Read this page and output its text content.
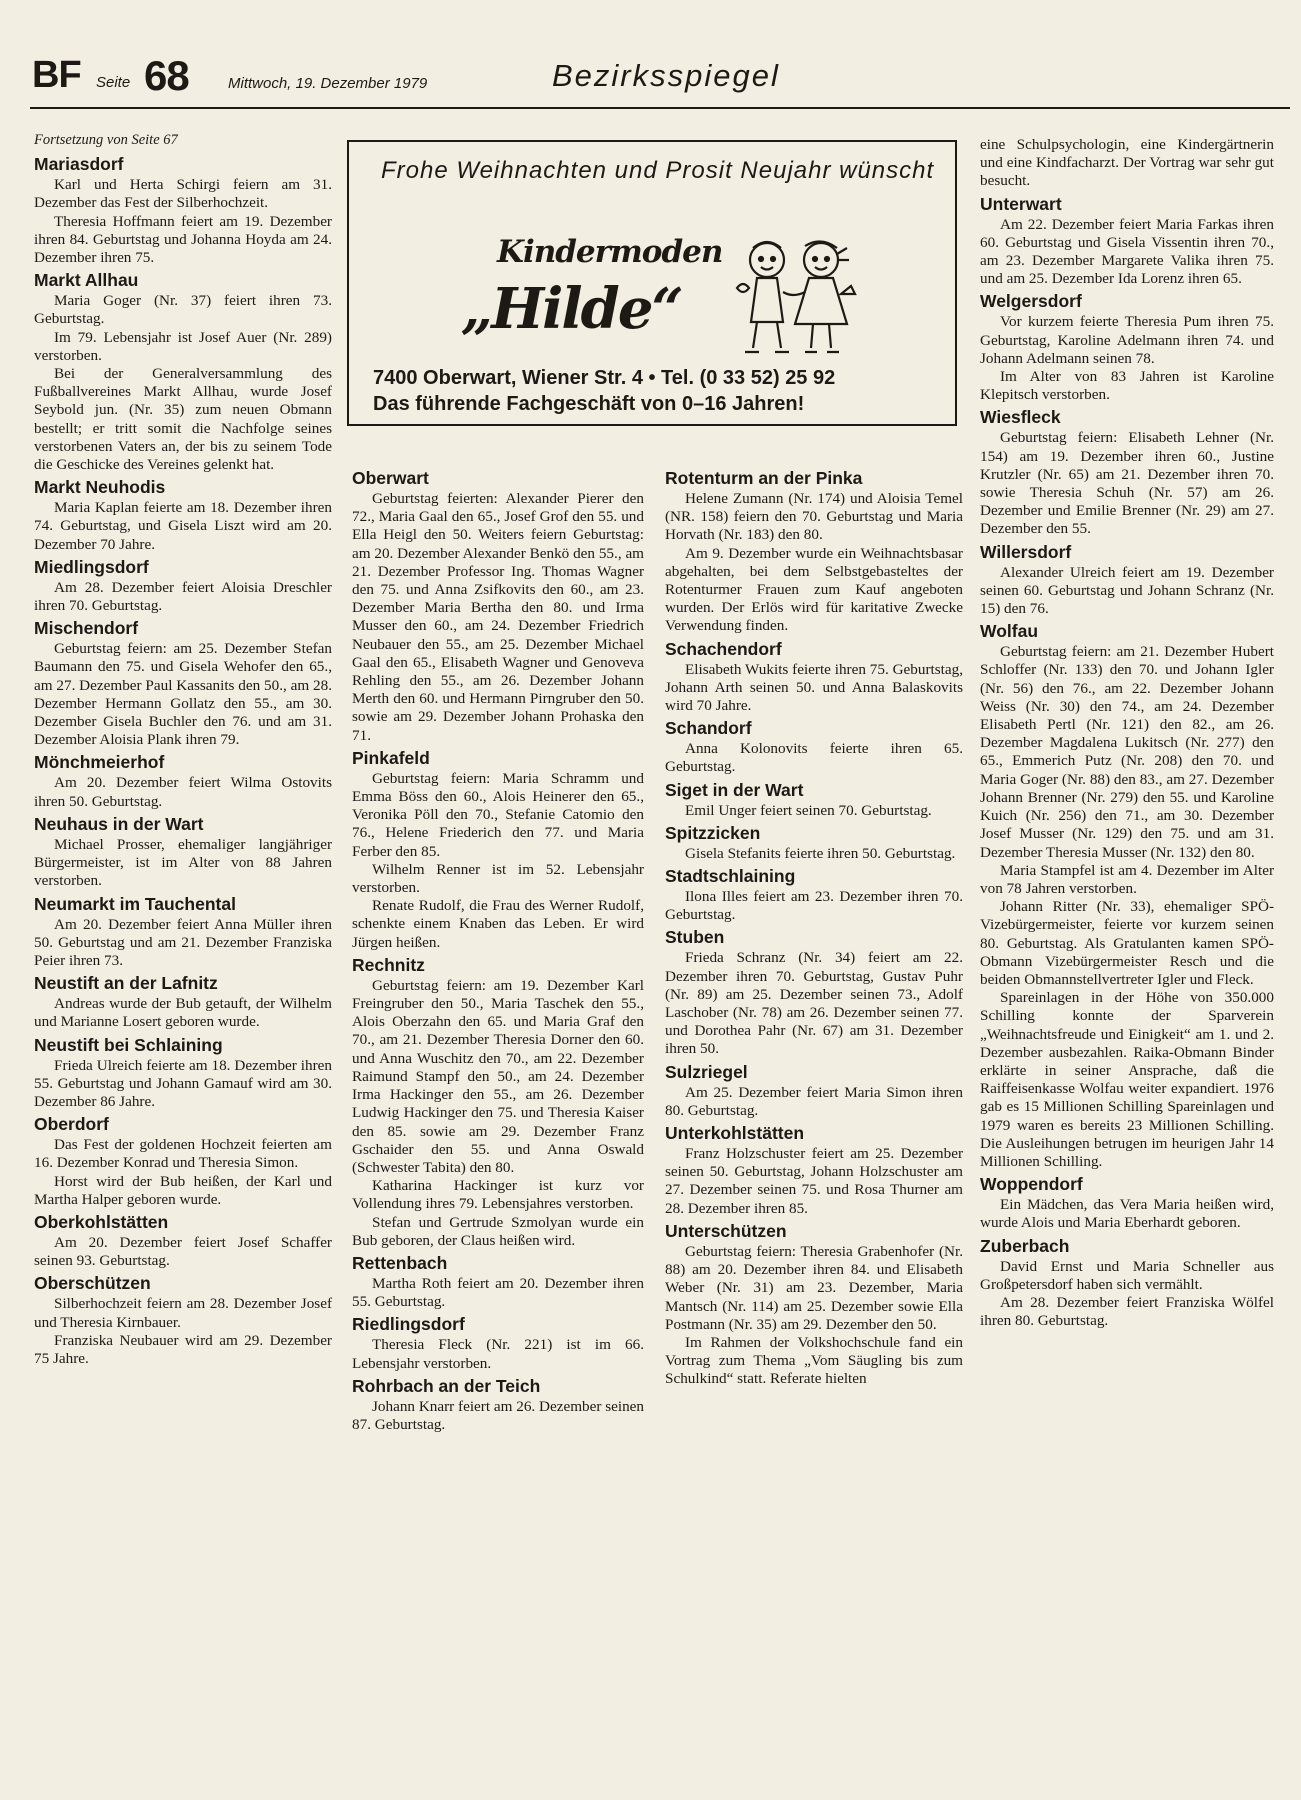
BF Seite 68	Mittwoch, 19. Dezember 1979	Bezirksspiegel

Fortsetzung von Seite 67

Mariasdorf

Karl und Herta Schirgi feiern am 31. Dezember das Fest der Silberhochzeit.

Theresia Hoffmann feiert am 19. Dezember ihren 84. Geburtstag und Johanna Hoyda am 24. Dezember ihren 75.

Markt Allhau

Maria Goger (Nr. 37) feiert ihren 73. Geburtstag.

Im 79. Lebensjahr ist Josef Auer (Nr. 289) verstorben.

Bei der Generalversammlung des Fußballvereines Markt Allhau, wurde Josef Seybold jun. (Nr. 35) zum neuen Obmann bestellt; er tritt somit die Nachfolge seines verstorbenen Vaters an, der bis zu seinem Tode die Geschicke des Vereines gelenkt hat.

Markt Neuhodis

Maria Kaplan feierte am 18. Dezember ihren 74. Geburtstag, und Gisela Liszt wird am 20. Dezember 70 Jahre.

Miedlingsdorf

Am 28. Dezember feiert Aloisia Dreschler ihren 70. Geburtstag.

Mischendorf

Geburtstag feiern: am 25. Dezember Stefan Baumann den 75. und Gisela Wehofer den 65., am 27. Dezember Paul Kassanits den 50., am 28. Dezember Hermann Gollatz den 55., am 30. Dezember Gisela Buchler den 76. und am 31. Dezember Aloisia Plank ihren 79.

Mönchmeierhof

Am 20. Dezember feiert Wilma Ostovits ihren 50. Geburtstag.

Neuhaus in der Wart

Michael Prosser, ehemaliger langjähriger Bürgermeister, ist im Alter von 88 Jahren verstorben.

Neumarkt im Tauchental

Am 20. Dezember feiert Anna Müller ihren 50. Geburtstag und am 21. Dezember Franziska Peier ihren 73.

Neustift an der Lafnitz

Andreas wurde der Bub getauft, der Wilhelm und Marianne Losert geboren wurde.

Neustift bei Schlaining

Frieda Ulreich feierte am 18. Dezember ihren 55. Geburtstag und Johann Gamauf wird am 30. Dezember 86 Jahre.

Oberdorf

Das Fest der goldenen Hochzeit feierten am 16. Dezember Konrad und Theresia Simon.

Horst wird der Bub heißen, der Karl und Martha Halper geboren wurde.

Oberkohlstätten

Am 20. Dezember feiert Josef Schaffer seinen 93. Geburtstag.

Oberschützen

Silberhochzeit feiern am 28. Dezember Josef und Theresia Kirnbauer.

Franziska Neubauer wird am 29. Dezember 75 Jahre.

Frohe Weihnachten und Prosit Neujahr wünscht
Kindermoden
„Hilde“
7400 Oberwart, Wiener Str. 4 • Tel. (0 33 52) 25 92
Das führende Fachgeschäft von 0–16 Jahren!
Oberwart

Geburtstag feierten: Alexander Pierer den 72., Maria Gaal den 65., Josef Grof den 55. und Ella Heigl den 50. Weiters feiern Geburtstag: am 20. Dezember Alexander Benkö den 55., am 21. Dezember Professor Ing. Thomas Wagner den 75. und Anna Zsifkovits den 60., am 23. Dezember Maria Bertha den 80. und Irma Musser den 60., am 24. Dezember Friedrich Neubauer den 55., am 25. Dezember Michael Gaal den 65., Elisabeth Wagner und Genoveva Rehling den 55., am 26. Dezember Johann Merth den 60. und Hermann Pirngruber den 50. sowie am 29. Dezember Johann Prohaska den 71.

Pinkafeld

Geburtstag feiern: Maria Schramm und Emma Böss den 60., Alois Heinerer den 65., Veronika Pöll den 70., Stefanie Catomio den 76., Helene Friederich den 77. und Maria Ferber den 85.

Wilhelm Renner ist im 52. Lebensjahr verstorben.

Renate Rudolf, die Frau des Werner Rudolf, schenkte einem Knaben das Leben. Er wird Jürgen heißen.

Rechnitz

Geburtstag feiern: am 19. Dezember Karl Freingruber den 50., Maria Taschek den 55., Alois Oberzahn den 65. und Maria Graf den 70., am 21. Dezember Theresia Dorner den 60. und Anna Wuschitz den 70., am 22. Dezember Raimund Stampf den 50., am 24. Dezember Irma Hackinger den 55., am 26. Dezember Ludwig Hackinger den 75. und Theresia Kaiser den 85. sowie am 29. Dezember Franz Gschaider den 55. und Anna Oswald (Schwester Tabita) den 80.

Katharina Hackinger ist kurz vor Vollendung ihres 79. Lebensjahres verstorben.

Stefan und Gertrude Szmolyan wurde ein Bub geboren, der Claus heißen wird.

Rettenbach

Martha Roth feiert am 20. Dezember ihren 55. Geburtstag.

Riedlingsdorf

Theresia Fleck (Nr. 221) ist im 66. Lebensjahr verstorben.

Rohrbach an der Teich

Johann Knarr feiert am 26. Dezember seinen 87. Geburtstag.

Rotenturm an der Pinka

Helene Zumann (Nr. 174) und Aloisia Temel (NR. 158) feiern den 70. Geburtstag und Maria Horvath (Nr. 183) den 80.

Am 9. Dezember wurde ein Weihnachtsbasar abgehalten, bei dem Selbstgebasteltes der Rotenturmer Frauen zum Kauf angeboten wurden. Der Erlös wird für karitative Zwecke Verwendung finden.

Schachendorf

Elisabeth Wukits feierte ihren 75. Geburtstag, Johann Arth seinen 50. und Anna Balaskovits wird 70 Jahre.

Schandorf

Anna Kolonovits feierte ihren 65. Geburtstag.

Siget in der Wart

Emil Unger feiert seinen 70. Geburtstag.

Spitzzicken

Gisela Stefanits feierte ihren 50. Geburtstag.

Stadtschlaining

Ilona Illes feiert am 23. Dezember ihren 70. Geburtstag.

Stuben

Frieda Schranz (Nr. 34) feiert am 22. Dezember ihren 70. Geburtstag, Gustav Puhr (Nr. 89) am 25. Dezember seinen 73., Adolf Laschober (Nr. 78) am 26. Dezember seinen 77. und Dorothea Pahr (Nr. 67) am 31. Dezember ihren 50.

Sulzriegel

Am 25. Dezember feiert Maria Simon ihren 80. Geburtstag.

Unterkohlstätten

Franz Holzschuster feiert am 25. Dezember seinen 50. Geburtstag, Johann Holzschuster am 27. Dezember seinen 75. und Rosa Thurner am 28. Dezember ihren 85.

Unterschützen

Geburtstag feiern: Theresia Grabenhofer (Nr. 88) am 20. Dezember ihren 84. und Elisabeth Weber (Nr. 31) am 23. Dezember, Maria Mantsch (Nr. 114) am 25. Dezember sowie Ella Postmann (Nr. 35) am 29. Dezember den 50.

Im Rahmen der Volkshochschule fand ein Vortrag zum Thema „Vom Säugling bis zum Schulkind“ statt. Referate hielten

eine Schulpsychologin, eine Kindergärtnerin und eine Kindfacharzt. Der Vortrag war sehr gut besucht.

Unterwart

Am 22. Dezember feiert Maria Farkas ihren 60. Geburtstag und Gisela Vissentin ihren 70., am 23. Dezember Margarete Valika ihren 75. und am 25. Dezember Ida Lorenz ihren 65.

Welgersdorf

Vor kurzem feierte Theresia Pum ihren 75. Geburtstag, Karoline Adelmann ihren 74. und Johann Adelmann seinen 78.

Im Alter von 83 Jahren ist Karoline Klepitsch verstorben.

Wiesfleck

Geburtstag feiern: Elisabeth Lehner (Nr. 154) am 19. Dezember ihren 60., Justine Krutzler (Nr. 65) am 21. Dezember ihren 70. sowie Theresia Schuh (Nr. 57) am 26. Dezember und Emilie Brenner (Nr. 29) am 27. Dezember den 55.

Willersdorf

Alexander Ulreich feiert am 19. Dezember seinen 60. Geburtstag und Johann Schranz (Nr. 15) den 76.

Wolfau

Geburtstag feiern: am 21. Dezember Hubert Schloffer (Nr. 133) den 70. und Johann Igler (Nr. 56) den 76., am 22. Dezember Johann Weiss (Nr. 30) den 74., am 24. Dezember Elisabeth Pertl (Nr. 121) den 82., am 26. Dezember Magdalena Lukitsch (Nr. 277) den 65., Emmerich Putz (Nr. 208) den 70. und Maria Goger (Nr. 88) den 83., am 27. Dezember Johann Brenner (Nr. 279) den 55. und Karoline Kuich (Nr. 256) den 71., am 30. Dezember Josef Musser (Nr. 129) den 75. und am 31. Dezember Theresia Musser (Nr. 132) den 80.

Maria Stampfel ist am 4. Dezember im Alter von 78 Jahren verstorben.

Johann Ritter (Nr. 33), ehemaliger SPÖ-Vizebürgermeister, feierte vor kurzem seinen 80. Geburtstag. Als Gratulanten kamen SPÖ-Obmann Vizebürgermeister Resch und die beiden Obmannstellvertreter Igler und Fleck.

Spareinlagen in der Höhe von 350.000 Schilling konnte der Sparverein „Weihnachtsfreude und Einigkeit“ am 1. und 2. Dezember ausbezahlen. Raika-Obmann Binder erklärte in seiner Ansprache, daß die Raiffeisenkasse Wolfau weiter expandiert. 1976 gab es 15 Millionen Schilling Spareinlagen und 1979 waren es bereits 23 Millionen Schilling. Die Ausleihungen betrugen im heurigen Jahr 14 Millionen Schilling.

Woppendorf

Ein Mädchen, das Vera Maria heißen wird, wurde Alois und Maria Eberhardt geboren.

Zuberbach

David Ernst und Maria Schneller aus Großpetersdorf haben sich vermählt.

Am 28. Dezember feiert Franziska Wölfel ihren 80. Geburtstag.
